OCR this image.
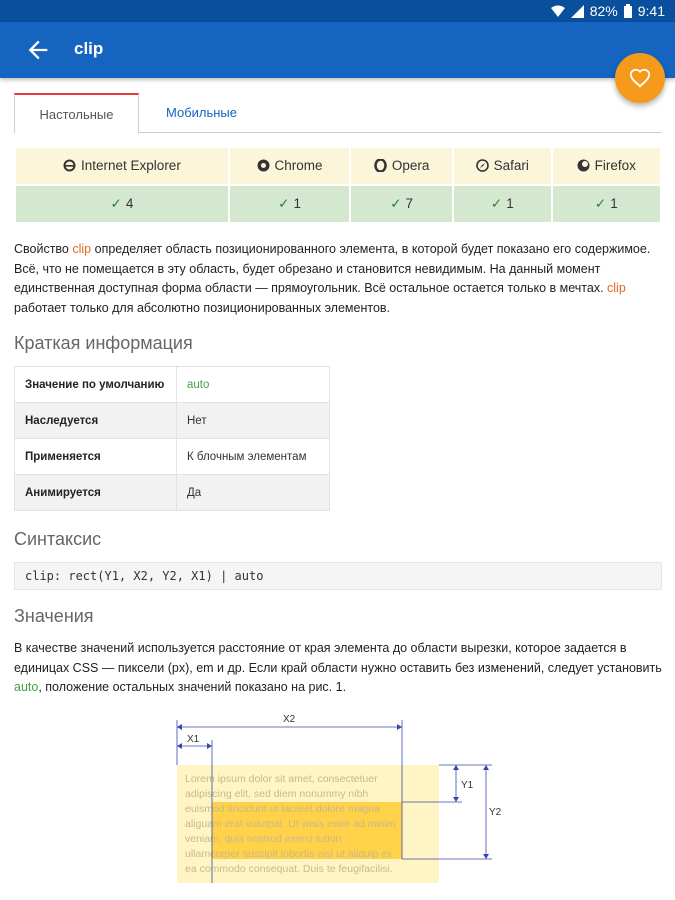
82% 9:41
clip
Настольные	Мобильные
Internet Explorer	Chrome	Opera	Safari	Firefox

✓ 4	✓ 1	✓ 7	✓ 1	✓ 1

Свойство clip определяет область позиционированного элемента, в которой будет показано его содержимое. Всё, что не помещается в эту область, будет обрезано и становится невидимым. На данный момент единственная доступная форма области — прямоугольник. Всё остальное остается только в мечтах. clip работает только для абсолютно позиционированных элементов.

Краткая информация
Значение по умолчанию	auto
Наследуется	Нет
Применяется	К блочным элементам
Анимируется	Да
Синтаксис
clip: rect(Y1, X2, Y2, X1) | auto
Значения

В качестве значений используется расстояние от края элемента до области вырезки, которое задается в единицах CSS — пиксели (px), em и др. Если край области нужно оставить без изменений, следует установить auto, положение остальных значений показано на рис. 1.

Lorem ipsum dolor sit amet, consectetuer
adipiscing elit, sed diem nonummy nibh
euismod tincidunt ut lacreet dolore magna
aliguam erat volutpat. Ut wisis enim ad minim
veniam, quis nostrud exerci tution
ullamcorper suscipit lobortis nisl ut aliquip ex
ea commodo consequat. Duis te feugifacilisi.
X2
X1
Y1
Y2
